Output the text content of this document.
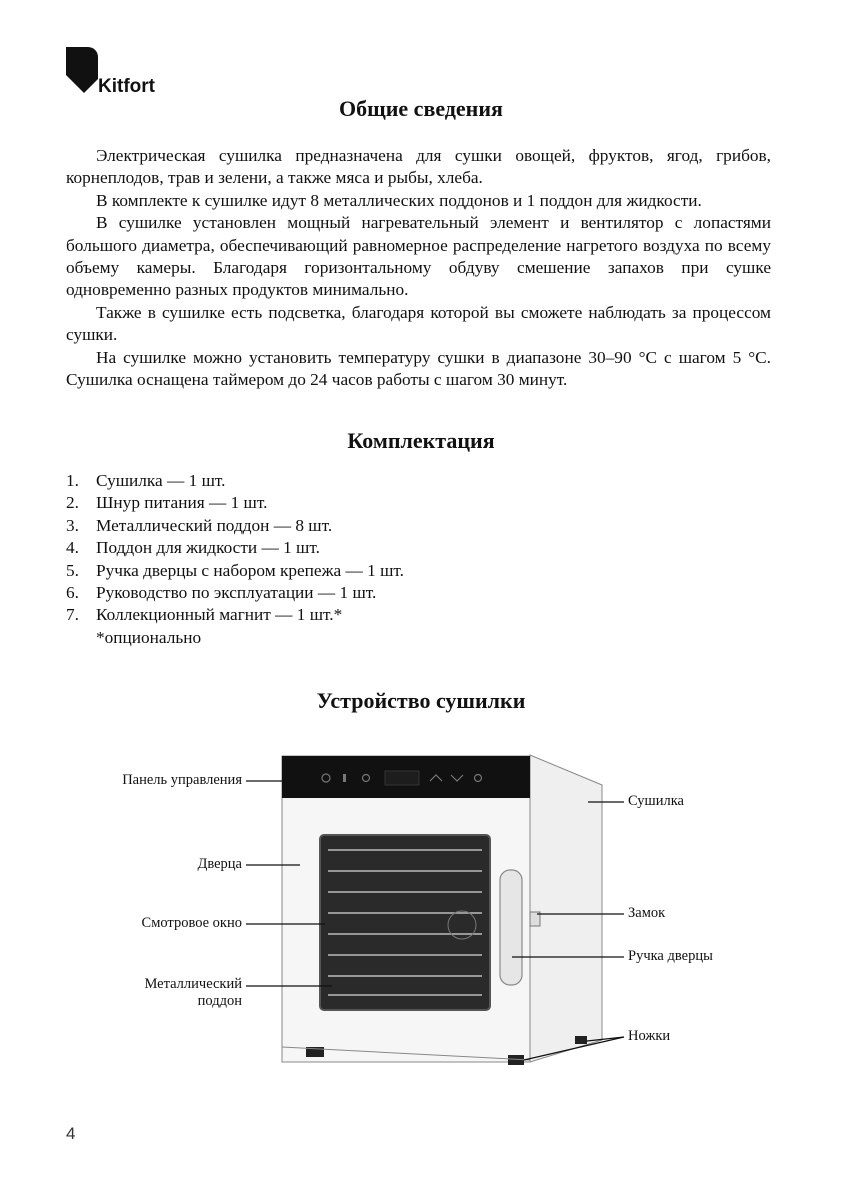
Kitfort
Общие сведения

Электрическая сушилка предназначена для сушки овощей, фруктов, ягод, грибов, корнеплодов, трав и зелени, а также мяса и рыбы, хлеба.

В комплекте к сушилке идут 8 металлических поддонов и 1 поддон для жидкости.

В сушилке установлен мощный нагревательный элемент и вентилятор с лопастями большого диаметра, обеспечивающий равномерное распределение нагретого воздуха по всему объему камеры. Благодаря горизонтальному обдуву смешение запахов при сушке одновременно разных продуктов минимально.

Также в сушилке есть подсветка, благодаря которой вы сможете наблюдать за процессом сушки.

На сушилке можно установить температуру сушки в диапазоне 30–90 °С с шагом 5 °С. Сушилка оснащена таймером до 24 часов работы с шагом 30 минут.

Комплектация
1. Сушилка — 1 шт.
2. Шнур питания — 1 шт.
3. Металлический поддон — 8 шт.
4. Поддон для жидкости — 1 шт.
5. Ручка дверцы с набором крепежа — 1 шт.
6. Руководство по эксплуатации — 1 шт.
7. Коллекционный магнит — 1 шт.*
*опционально
Устройство сушилки
Панель управления
Дверца
Смотровое окно
Металлический поддон
Сушилка
Замок
Ручка дверцы
Ножки
4
